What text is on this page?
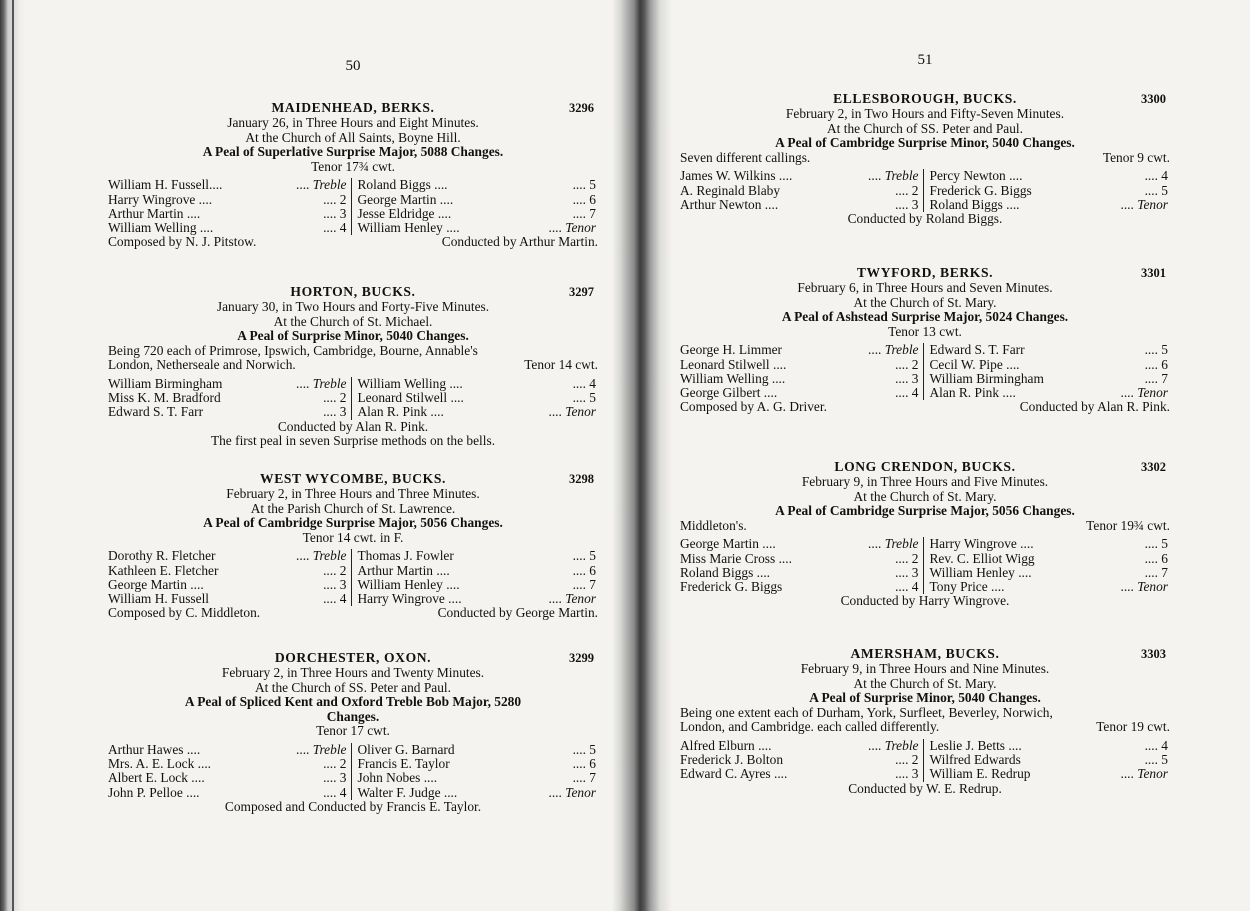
50
MAIDENHEAD, BERKS.	3296
January 26, in Three Hours and Eight Minutes.
At the Church of All Saints, Boyne Hill.
A Peal of Superlative Surprise Major, 5088 Changes.
Tenor 17¾ cwt.
William H. Fussell....	.... Treble
Harry Wingrove ....	.... 2
Arthur Martin ....	.... 3
William Welling ....	.... 4
Roland Biggs ....	.... 5
George Martin ....	.... 6
Jesse Eldridge ....	.... 7
William Henley ....	.... Tenor
Composed by N. J. Pitstow.	Conducted by Arthur Martin.
HORTON, BUCKS.	3297
January 30, in Two Hours and Forty-Five Minutes.
At the Church of St. Michael.
A Peal of Surprise Minor, 5040 Changes.
Being 720 each of Primrose, Ipswich, Cambridge, Bourne, Annable's
London, Netherseale and Norwich.	Tenor 14 cwt.
William Birmingham	.... Treble
Miss K. M. Bradford	.... 2
Edward S. T. Farr	.... 3
William Welling ....	.... 4
Leonard Stilwell ....	.... 5
Alan R. Pink ....	.... Tenor
Conducted by Alan R. Pink.
The first peal in seven Surprise methods on the bells.
WEST WYCOMBE, BUCKS.	3298
February 2, in Three Hours and Three Minutes.
At the Parish Church of St. Lawrence.
A Peal of Cambridge Surprise Major, 5056 Changes.
Tenor 14 cwt. in F.
Dorothy R. Fletcher	.... Treble
Kathleen E. Fletcher	.... 2
George Martin ....	.... 3
William H. Fussell	.... 4
Thomas J. Fowler	.... 5
Arthur Martin ....	.... 6
William Henley ....	.... 7
Harry Wingrove ....	.... Tenor
Composed by C. Middleton.	Conducted by George Martin.
DORCHESTER, OXON.	3299
February 2, in Three Hours and Twenty Minutes.
At the Church of SS. Peter and Paul.
A Peal of Spliced Kent and Oxford Treble Bob Major, 5280
Changes.
Tenor 17 cwt.
Arthur Hawes ....	.... Treble
Mrs. A. E. Lock ....	.... 2
Albert E. Lock ....	.... 3
John P. Pelloe ....	.... 4
Oliver G. Barnard	.... 5
Francis E. Taylor	.... 6
John Nobes ....	.... 7
Walter F. Judge ....	.... Tenor
Composed and Conducted by Francis E. Taylor.
51
ELLESBOROUGH, BUCKS.	3300
February 2, in Two Hours and Fifty-Seven Minutes.
At the Church of SS. Peter and Paul.
A Peal of Cambridge Surprise Minor, 5040 Changes.
Seven different callings.	Tenor 9 cwt.
James W. Wilkins ....	.... Treble
A. Reginald Blaby	.... 2
Arthur Newton ....	.... 3
Percy Newton ....	.... 4
Frederick G. Biggs	.... 5
Roland Biggs ....	.... Tenor
Conducted by Roland Biggs.
TWYFORD, BERKS.	3301
February 6, in Three Hours and Seven Minutes.
At the Church of St. Mary.
A Peal of Ashstead Surprise Major, 5024 Changes.
Tenor 13 cwt.
George H. Limmer	.... Treble
Leonard Stilwell ....	.... 2
William Welling ....	.... 3
George Gilbert ....	.... 4
Edward S. T. Farr	.... 5
Cecil W. Pipe ....	.... 6
William Birmingham	.... 7
Alan R. Pink ....	.... Tenor
Composed by A. G. Driver.	Conducted by Alan R. Pink.
LONG CRENDON, BUCKS.	3302
February 9, in Three Hours and Five Minutes.
At the Church of St. Mary.
A Peal of Cambridge Surprise Major, 5056 Changes.
Middleton's.	Tenor 19¾ cwt.
George Martin ....	.... Treble
Miss Marie Cross ....	.... 2
Roland Biggs ....	.... 3
Frederick G. Biggs	.... 4
Harry Wingrove ....	.... 5
Rev. C. Elliot Wigg	.... 6
William Henley ....	.... 7
Tony Price ....	.... Tenor
Conducted by Harry Wingrove.
AMERSHAM, BUCKS.	3303
February 9, in Three Hours and Nine Minutes.
At the Church of St. Mary.
A Peal of Surprise Minor, 5040 Changes.
Being one extent each of Durham, York, Surfleet, Beverley, Norwich,
London, and Cambridge. each called differently.	Tenor 19 cwt.
Alfred Elburn ....	.... Treble
Frederick J. Bolton	.... 2
Edward C. Ayres ....	.... 3
Leslie J. Betts ....	.... 4
Wilfred Edwards	.... 5
William E. Redrup	.... Tenor
Conducted by W. E. Redrup.
